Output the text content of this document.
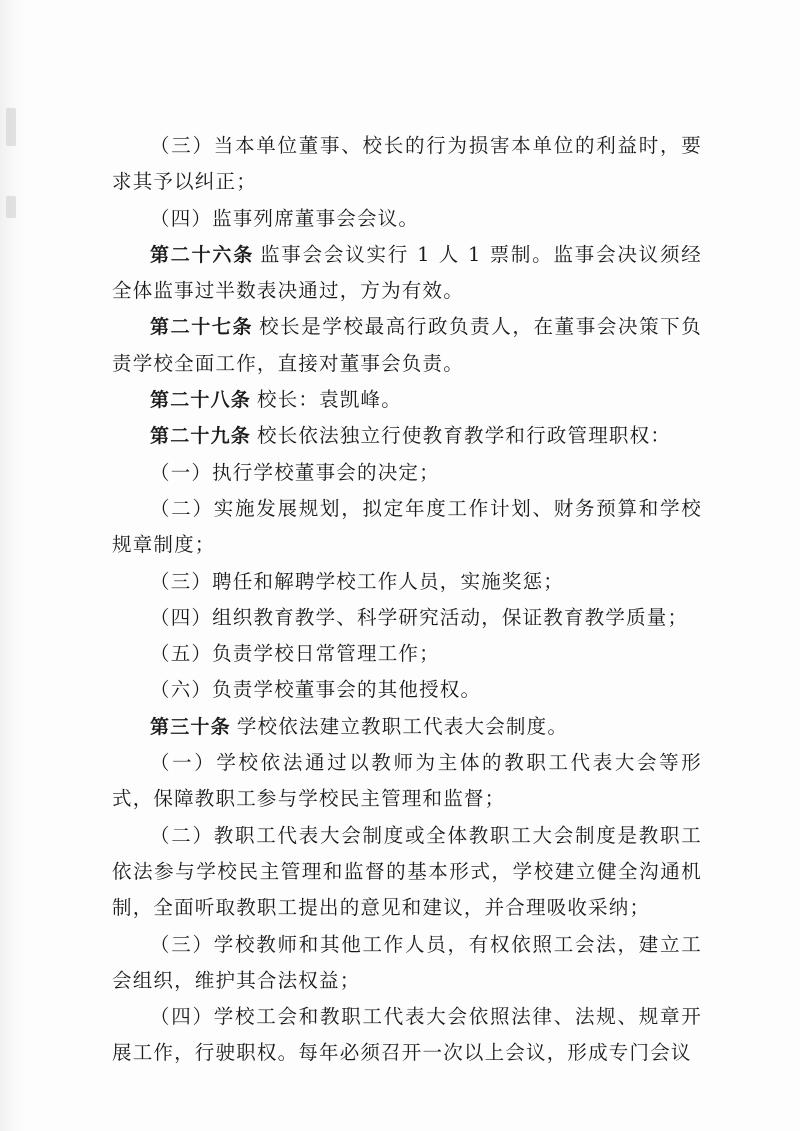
（三）当本单位董事、校长的行为损害本单位的利益时，要求其予以纠正；

（四）监事列席董事会会议。

第二十六条 监事会会议实行 1 人 1 票制。监事会决议须经全体监事过半数表决通过，方为有效。

第二十七条 校长是学校最高行政负责人，在董事会决策下负责学校全面工作，直接对董事会负责。

第二十八条 校长：袁凯峰。

第二十九条 校长依法独立行使教育教学和行政管理职权：

（一）执行学校董事会的决定；

（二）实施发展规划，拟定年度工作计划、财务预算和学校规章制度；

（三）聘任和解聘学校工作人员，实施奖惩；

（四）组织教育教学、科学研究活动，保证教育教学质量；

（五）负责学校日常管理工作；

（六）负责学校董事会的其他授权。

第三十条 学校依法建立教职工代表大会制度。

（一）学校依法通过以教师为主体的教职工代表大会等形式，保障教职工参与学校民主管理和监督；

（二）教职工代表大会制度或全体教职工大会制度是教职工依法参与学校民主管理和监督的基本形式，学校建立健全沟通机制，全面听取教职工提出的意见和建议，并合理吸收采纳；

（三）学校教师和其他工作人员，有权依照工会法，建立工会组织，维护其合法权益；

（四）学校工会和教职工代表大会依照法律、法规、规章开展工作，行驶职权。每年必须召开一次以上会议，形成专门会议
